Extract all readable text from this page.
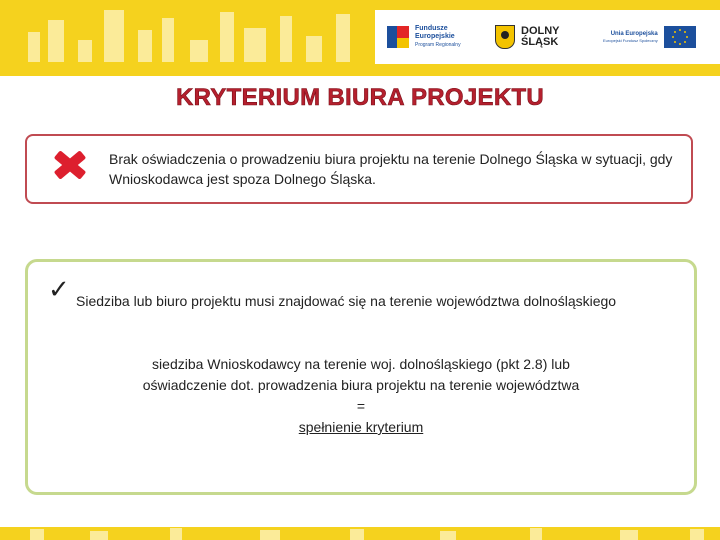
Fundusze
Europejskie
Program Regionalny
DOLNY
ŚLĄSK
Unia Europejska
Europejski Fundusz Społeczny
KRYTERIUM BIURA PROJEKTU
Brak oświadczenia o prowadzeniu biura projektu na terenie Dolnego Śląska w sytuacji, gdy Wnioskodawca jest spoza Dolnego Śląska.
✓ Siedziba lub biuro projektu musi znajdować się na terenie województwa dolnośląskiego
siedziba Wnioskodawcy na terenie woj. dolnośląskiego (pkt 2.8) lub
oświadczenie dot. prowadzenia biura projektu na terenie województwa
=
spełnienie kryterium
